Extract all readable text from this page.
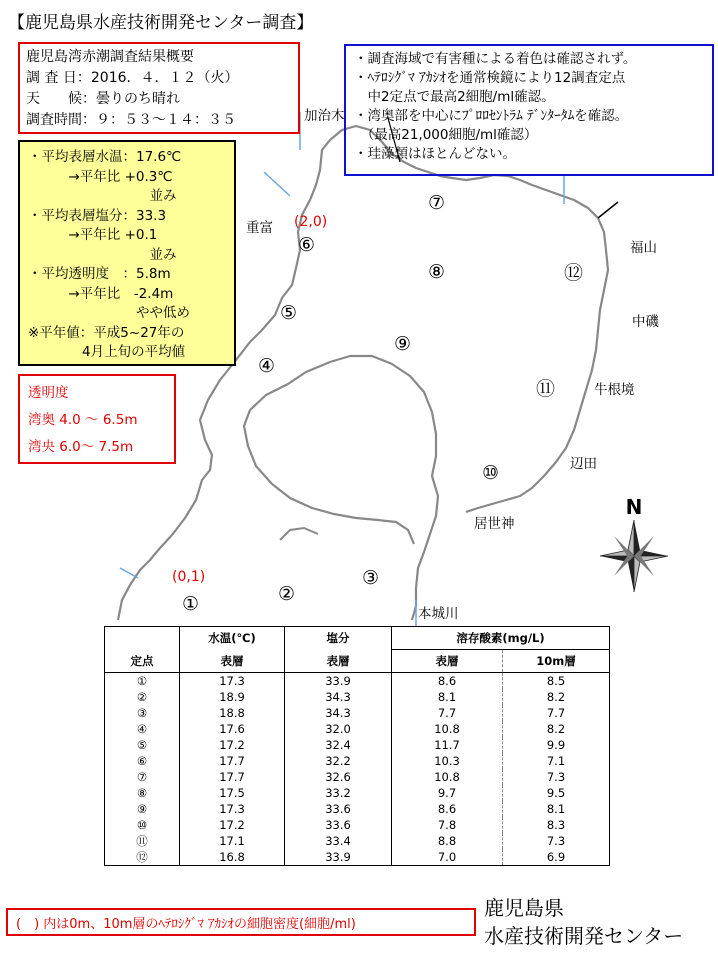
【鹿児島県水産技術開発センター調査】
鹿児島湾赤潮調査結果概要
調 査 日：2016．４．１２（火）
天　　候：曇りのち晴れ
調査時間：９：５３～１４：３５
・調査海域で有害種による着色は確認されず。
・ﾍﾃﾛｼｸﾞﾏ ｱｶｼｵを通常検鏡により12調査定点
　中2定点で最高2細胞/ml確認。
・湾奥部を中心にﾌﾟﾛﾛｾﾝﾄﾗﾑ ﾃﾞﾝﾀｰﾀﾑを確認。
　（最高21,000細胞/ml確認）
・珪藻類はほとんどない。
・平均表層水温：17.6℃
　　　→平年比 +0.3℃
　　　　　　　　　並み
・平均表層塩分：33.3
　　　→平年比 +0.1
　　　　　　　　　並み
・平均透明度　：5.8m
　　　→平年比　-2.4m
　　　　　　　　やや低め
※平年値：平成5~27年の
　　　　4月上旬の平均値
透明度
湾奥 4.0 ～ 6.5m
湾央 6.0～ 7.5m
加治木
重富
福山
中磯
牛根境
辺田
居世神
本城川
①	②
③
④
⑤
⑥
⑦
⑧
⑨
⑩
⑪
⑫
(2,0)
(0,1)
N
	水温(℃)	塩分	溶存酸素(mg/L)	
定点	表層	表層	表層	10m層
①	17.3	33.9	8.6	8.5
②	18.9	34.3	8.1	8.2
③	18.8	34.3	7.7	7.7
④	17.6	32.0	10.8	8.2
⑤	17.2	32.4	11.7	9.9
⑥	17.7	32.2	10.3	7.1
⑦	17.7	32.6	10.8	7.3
⑧	17.5	33.2	9.7	9.5
⑨	17.3	33.6	8.6	8.1
⑩	17.2	33.6	7.8	8.3
⑪	17.1	33.4	8.8	7.3
⑫	16.8	33.9	7.0	6.9
(　) 内は0m、10m層のﾍﾃﾛｼｸﾞﾏ ｱｶｼｵの細胞密度(細胞/ml)
鹿児島県
水産技術開発センター
